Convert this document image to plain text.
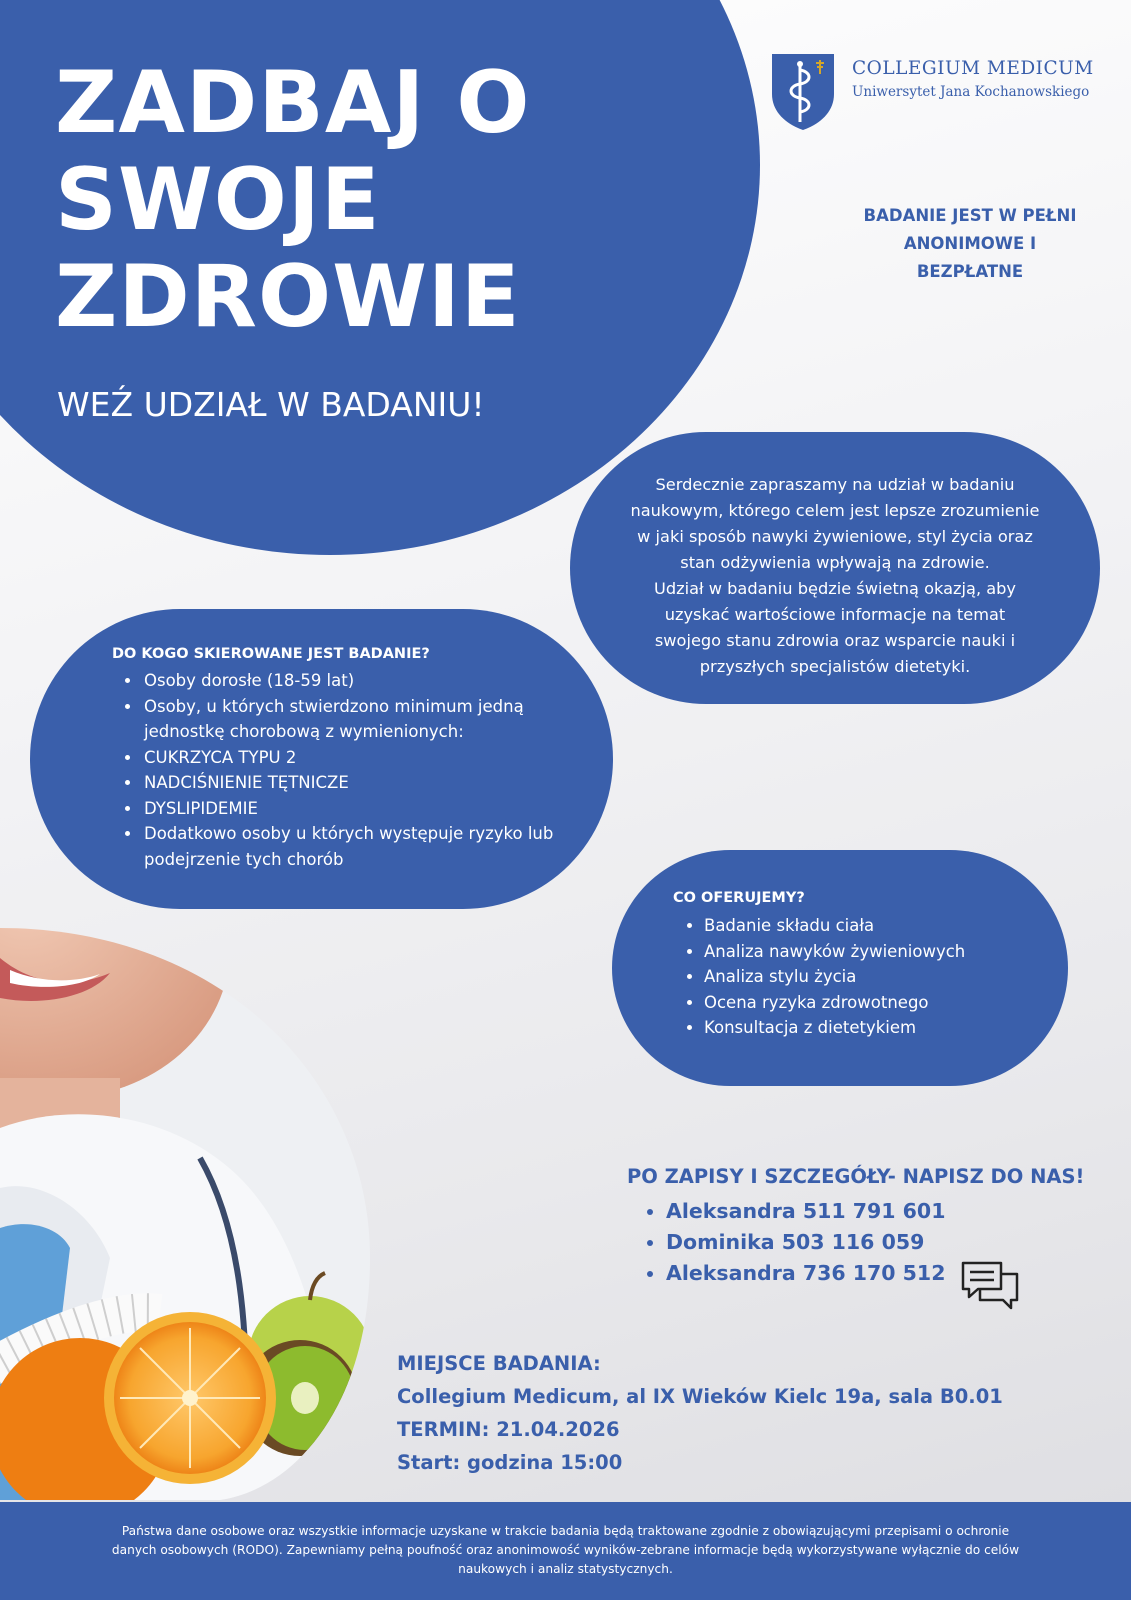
ZADBAJ O
SWOJE
ZDROWIE
WEŹ UDZIAŁ W BADANIU!
COLLEGIUM MEDICUM
Uniwersytet Jana Kochanowskiego

BADANIE JEST W PEŁNI
ANONIMOWE I
BEZPŁATNE

Serdecznie zapraszamy na udział w badaniu
naukowym, którego celem jest lepsze zrozumienie
w jaki sposób nawyki żywieniowe, styl życia oraz
stan odżywienia wpływają na zdrowie.
Udział w badaniu będzie świetną okazją, aby
uzyskać wartościowe informacje na temat
swojego stanu zdrowia oraz wsparcie nauki i
przyszłych specjalistów dietetyki.

DO KOGO SKIEROWANE JEST BADANIE?
• Osoby dorosłe (18-59 lat)
• Osoby, u których stwierdzono minimum jedną jednostkę chorobową z wymienionych:
• CUKRZYCA TYPU 2
• NADCIŚNIENIE TĘTNICZE
• DYSLIPIDEMIE
• Dodatkowo osoby u których występuje ryzyko lub podejrzenie tych chorób
CO OFERUJEMY?
• Badanie składu ciała
• Analiza nawyków żywieniowych
• Analiza stylu życia
• Ocena ryzyka zdrowotnego
• Konsultacja z dietetykiem
PO ZAPISY I SZCZEGÓŁY- NAPISZ DO NAS!
• Aleksandra 511 791 601
• Dominika 503 116 059
• Aleksandra 736 170 512
MIEJSCE BADANIA:
Collegium Medicum, al IX Wieków Kielc 19a, sala B0.01
TERMIN: 21.04.2026
Start: godzina 15:00

Państwa dane osobowe oraz wszystkie informacje uzyskane w trakcie badania będą traktowane zgodnie z obowiązującymi przepisami o ochronie
danych osobowych (RODO). Zapewniamy pełną poufność oraz anonimowość wyników-zebrane informacje będą wykorzystywane wyłącznie do celów
naukowych i analiz statystycznych.
